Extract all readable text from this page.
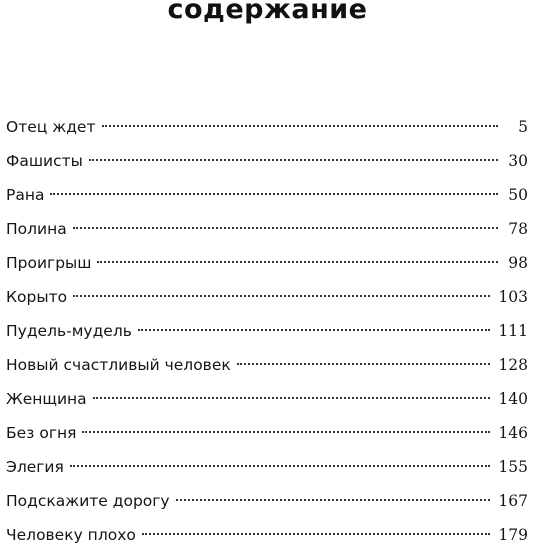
содержание
Отец ждет	5
Фашисты	30
Рана	50
Полина	78
Проигрыш	98
Корыто	103
Пудель-мудель	111
Новый счастливый человек	128
Женщина	140
Без огня	146
Элегия	155
Подскажите дорогу	167
Человеку плохо	179
